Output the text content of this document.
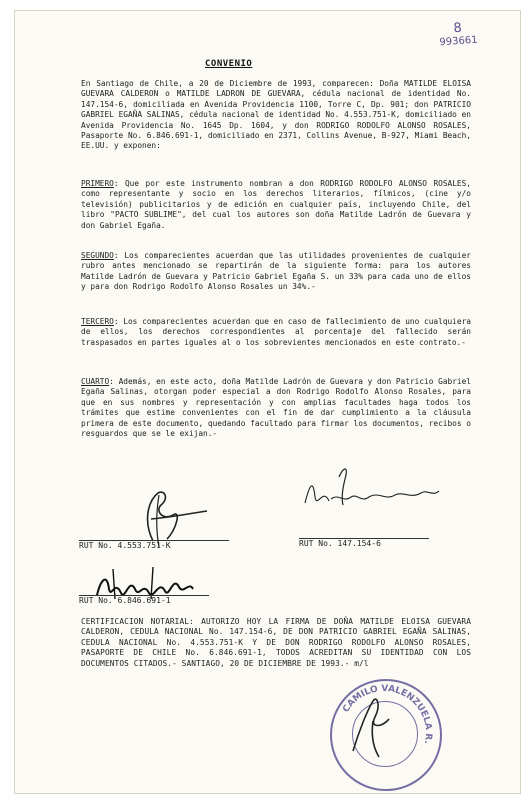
8
993661
CONVENIO
En Santiago de Chile, a 20 de Diciembre de 1993, comparecen: Doña MATILDE ELOISA GUEVARA CALDERON o MATILDE LADRON DE GUEVARA, cédula nacional de identidad No. 147.154-6, domiciliada en Avenida Providencia 1100, Torre C, Dp. 901; don PATRICIO GABRIEL EGAÑA SALINAS, cédula nacional de identidad No. 4.553.751-K, domiciliado en Avenida Providencia No. 1645 Dp. 1604, y don RODRIGO RODOLFO ALONSO ROSALES, Pasaporte No. 6.846.691-1, domiciliado en 2371, Collins Avenue, B-927, Miami Beach, EE.UU. y exponen:
PRIMERO: Que por este instrumento nombran a don RODRIGO RODOLFO ALONSO ROSALES, como representante y socio en los derechos literarios, fílmicos, (cine y/o televisión) publicitarios y de edición en cualquier país, incluyendo Chile, del libro "PACTO SUBLIME", del cual los autores son doña Matilde Ladrón de Guevara y don Gabriel Egaña.
SEGUNDO: Los comparecientes acuerdan que las utilidades provenientes de cualquier rubro antes mencionado se repartirán de la siguiente forma: para los autores Matilde Ladrón de Guevara y Patricio Gabriel Egaña S. un 33% para cada uno de ellos y para don Rodrigo Rodolfo Alonso Rosales un 34%.-
TERCERO: Los comparecientes acuerdan que en caso de fallecimiento de uno cualquiera de ellos, los derechos correspondientes al porcentaje del fallecido serán traspasados en partes iguales al o los sobrevientes mencionados en este contrato.-
CUARTO: Además, en este acto, doña Matilde Ladrón de Guevara y don Patricio Gabriel Egaña Salinas, otorgan poder especial a don Rodrigo Rodolfo Alonso Rosales, para que en sus nombres y representación y con amplias facultades haga todos los trámites que estime convenientes con el fin de dar cumplimiento a la cláusula primera de este documento, quedando facultado para firmar los documentos, recibos o resguardos que se le exijan.-
RUT No. 4.553.751-K	RUT No. 147.154-6
RUT No. 6.846.691-1
CERTIFICACION NOTARIAL: AUTORIZO HOY LA FIRMA DE DOÑA MATILDE ELOISA GUEVARA CALDERON, CEDULA NACIONAL No. 147.154-6, DE DON PATRICIO GABRIEL EGAÑA SALINAS, CEDULA NACIONAL No. 4.553.751-K Y DE DON RODRIGO RODOLFO ALONSO ROSALES, PASAPORTE DE CHILE No. 6.846.691-1, TODOS ACREDITAN SU IDENTIDAD CON LOS DOCUMENTOS CITADOS.- SANTIAGO, 20 DE DICIEMBRE DE 1993.- m/l
CAMILO VALENZUELA R.
